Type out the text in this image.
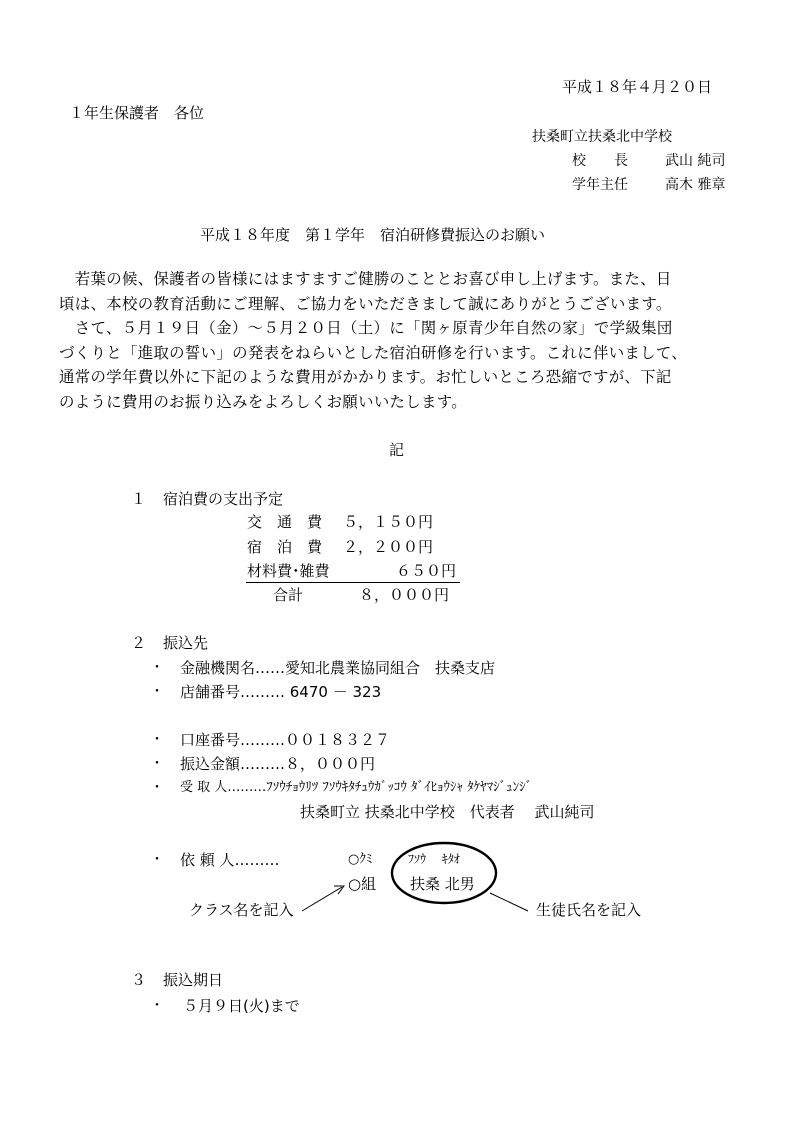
平成１８年４月２０日
１年生保護者　各位
扶桑町立扶桑北中学校
校　　長	武山 純司
学年主任	高木 雅章
平成１８年度　第１学年　宿泊研修費振込のお願い

　若葉の候、保護者の皆様にはますますご健勝のこととお喜び申し上げます。また、日

頃は、本校の教育活動にご理解、ご協力をいただきまして誠にありがとうございます。

　さて、５月１９日（金）～５月２０日（土）に「関ヶ原青少年自然の家」で学級集団

づくりと「進取の誓い」の発表をねらいとした宿泊研修を行います。これに伴いまして、

通常の学年費以外に下記のような費用がかかります。お忙しいところ恐縮ですが、下記

のように費用のお振り込みをよろしくお願いいたします。

記
１ 宿泊費の支出予定
交　通　費 ５，１５０円
宿　泊　費 ２，２００円
材料費･雑費	６５０円
合計	８，０００円
２ 振込先
・ 金融機関名……愛知北農業協同組合　扶桑支店
・ 店舗番号……… 6470 － 323
・ 口座番号………００１８３２７
・ 振込金額………８，０００円
・ 受 取 人………ﾌｿｳﾁｮｳﾘﾂ ﾌｿｳｷﾀﾁｭｳｶﾞｯｺｳ ﾀﾞｲﾋｮｳｼｬ ﾀｹﾔﾏｼﾞｭﾝｼﾞ
扶桑町立 扶桑北中学校　代表者　 武山純司
・ 依 頼 人………	○ｸﾐ	ﾌｿｳ　 ｷﾀｵ
○組 扶桑 北男
クラス名を記入	生徒氏名を記入
３ 振込期日
・ ５月９日(火)まで
